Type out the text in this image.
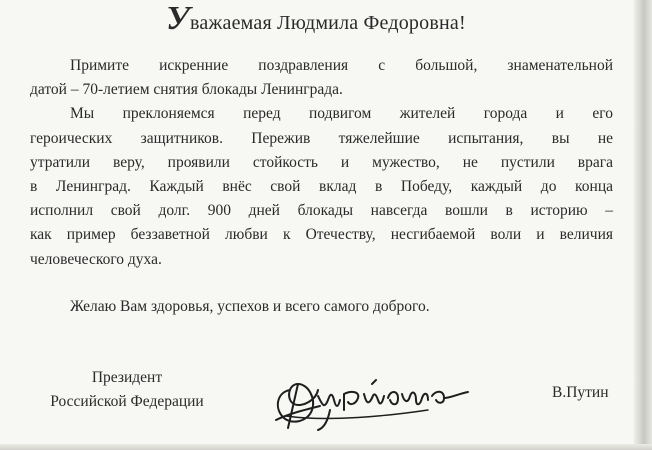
Уважаемая Людмила Федоровна!
Примите искренние поздравления с большой, знаменательной
датой – 70-летием снятия блокады Ленинграда.
Мы преклоняемся перед подвигом жителей города и его
героических защитников. Пережив тяжелейшие испытания, вы не
утратили веру, проявили стойкость и мужество, не пустили врага
в Ленинград. Каждый внёс свой вклад в Победу, каждый до конца
исполнил свой долг. 900 дней блокады навсегда вошли в историю –
как пример беззаветной любви к Отечеству, несгибаемой воли и величия
человеческого духа.
Желаю Вам здоровья, успехов и всего самого доброго.
Президент
Российской Федерации
В.Путин
